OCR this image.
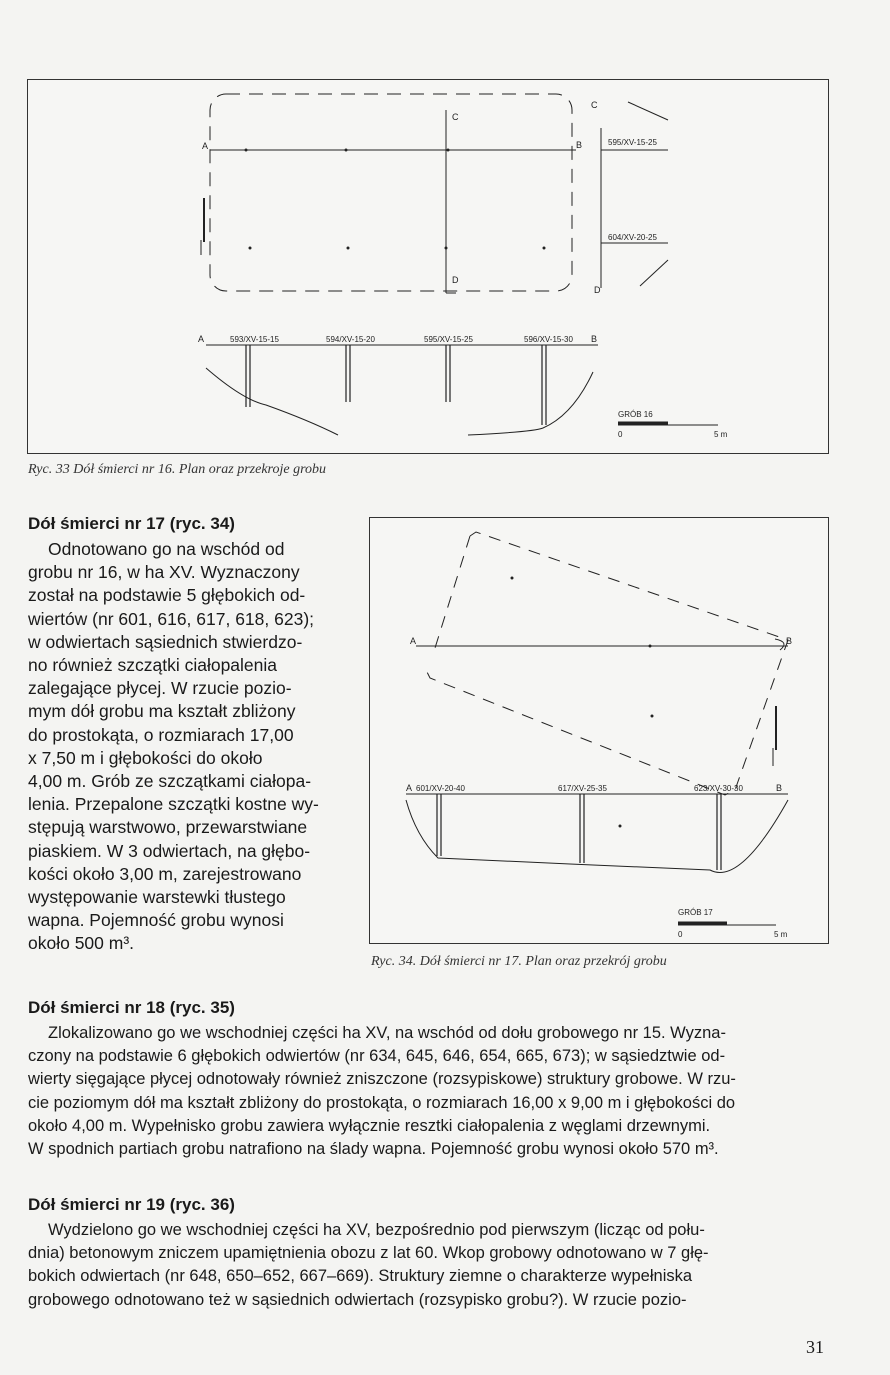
A	B
C
C
D
D
595/XV-15-25
604/XV-20-25
A	593/XV-15-15	594/XV-15-20	595/XV-15-25	596/XV-15-30 B
GRÓB 16
0	5 m
Ryc. 33 Dół śmierci nr 16. Plan oraz przekroje grobu
Dół śmierci nr 17 (ryc. 34)
Odnotowano go na wschód od
grobu nr 16, w ha XV. Wyznaczony
został na podstawie 5 głębokich od-
wiertów (nr 601, 616, 617, 618, 623);
w odwiertach sąsiednich stwierdzo-
no również szczątki ciałopalenia
zalegające płycej. W rzucie pozio-
mym dół grobu ma kształt zbliżony
do prostokąta, o rozmiarach 17,00
x 7,50 m i głębokości do około
4,00 m. Grób ze szczątkami ciałopa-
lenia. Przepalone szczątki kostne wy-
stępują warstwowo, przewarstwiane
piaskiem. W 3 odwiertach, na głębo-
kości około 3,00 m, zarejestrowano
występowanie warstewki tłustego
wapna. Pojemność grobu wynosi
około 500 m³.
A	B
A 601/XV-20-40	617/XV-25-35	623/XV-30-30	B
GRÓB 17
0	5 m
Ryc. 34. Dół śmierci nr 17. Plan oraz przekrój grobu
Dół śmierci nr 18 (ryc. 35)
Zlokalizowano go we wschodniej części ha XV, na wschód od dołu grobowego nr 15. Wyzna-
czony na podstawie 6 głębokich odwiertów (nr 634, 645, 646, 654, 665, 673); w sąsiedztwie od-
wierty sięgające płycej odnotowały również zniszczone (rozsypiskowe) struktury grobowe. W rzu-
cie poziomym dół ma kształt zbliżony do prostokąta, o rozmiarach 16,00 x 9,00 m i głębokości do
około 4,00 m. Wypełnisko grobu zawiera wyłącznie resztki ciałopalenia z węglami drzewnymi.
W spodnich partiach grobu natrafiono na ślady wapna. Pojemność grobu wynosi około 570 m³.
Dół śmierci nr 19 (ryc. 36)
Wydzielono go we wschodniej części ha XV, bezpośrednio pod pierwszym (licząc od połu-
dnia) betonowym zniczem upamiętnienia obozu z lat 60. Wkop grobowy odnotowano w 7 głę-
bokich odwiertach (nr 648, 650–652, 667–669). Struktury ziemne o charakterze wypełniska
grobowego odnotowano też w sąsiednich odwiertach (rozsypisko grobu?). W rzucie pozio-
31
